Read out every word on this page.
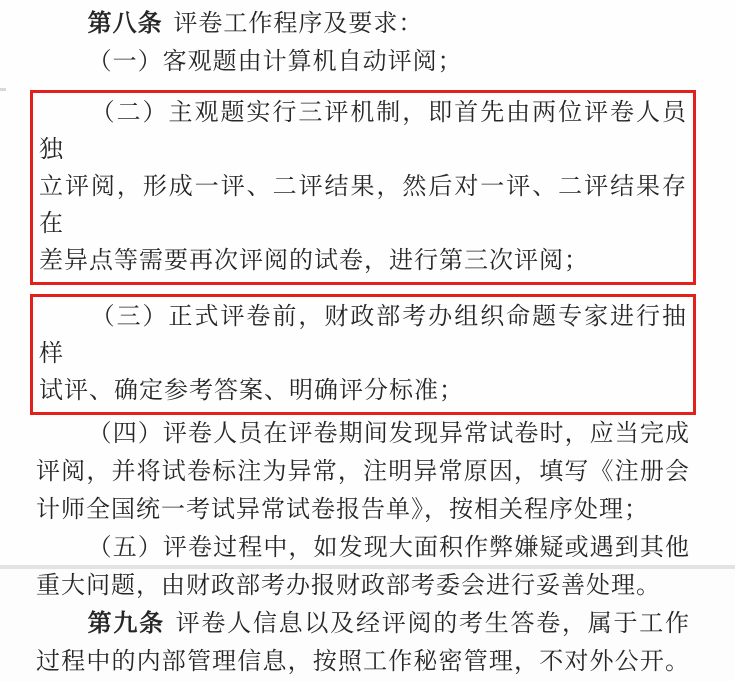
第八条 评卷工作程序及要求：
（一）客观题由计算机自动评阅；
（二）主观题实行三评机制，即首先由两位评卷人员独
立评阅，形成一评、二评结果，然后对一评、二评结果存在
差异点等需要再次评阅的试卷，进行第三次评阅；
（三）正式评卷前，财政部考办组织命题专家进行抽样
试评、确定参考答案、明确评分标准；
（四）评卷人员在评卷期间发现异常试卷时，应当完成
评阅，并将试卷标注为异常，注明异常原因，填写《注册会
计师全国统一考试异常试卷报告单》，按相关程序处理；
（五）评卷过程中，如发现大面积作弊嫌疑或遇到其他
重大问题，由财政部考办报财政部考委会进行妥善处理。
第九条 评卷人信息以及经评阅的考生答卷，属于工作
过程中的内部管理信息，按照工作秘密管理，不对外公开。
